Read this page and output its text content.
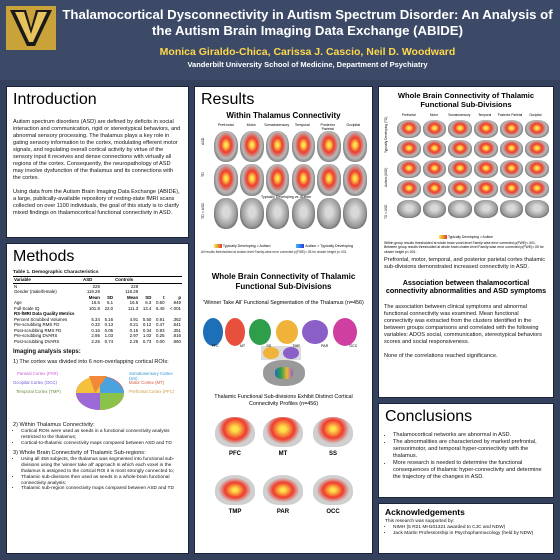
Thalamocortical Dysconnectivity in Autism Spectrum Disorder: An Analysis of the Autism Brain Imaging Data Exchange (ABIDE)
Monica Giraldo-Chica, Carissa J. Cascio, Neil D. Woodward
Vanderbilt University School of Medicine, Department of Psychiatry
Introduction

Autism spectrum disorders (ASD) are defined by deficits in social interaction and communication, rigid or stereotypical behaviors, and abnormal sensory processing. The thalamus plays a key role in gating sensory information to the cortex, modulating efferent motor signals, and regulating overall cortical activity by virtue of the sensory input it receives and dense connections with virtually all regions of the cortex. Consequently, the neuropathology of ASD may involve dysfunction of the thalamus and its connections with the cortex.

Using data from the Autism Brain Imaging Data Exchange (ABIDE), a large, publically-available repository of resting-state fMRI scans collected on over 1100 individuals, the goal of this study is to clarify mixed findings on thalamocortical functional connectivity in ASD.

Methods
Table 1. Demographic Characteristics
Variable	ASD		Controls			
N	228		228			
Gender (male/female)	119.29		118.29			
	Mean	SD	Mean	SD	t	p
Age	16.6	6.1	16.6	6.3	0.60	.949
Full-Scale IQ	101.8	22.0	111.3	13.4	5.45	<.001
RS-fMRI Data Quality Metrics						
Percent Scrubbed Volumes	5.34	5.16	4.91	5.50	0.91	.362
Pre-scrubbing RMS FD	0.32	0.13	0.21	0.12	0.47	.641
Post-scrubbing RMS FD	0.16	0.05	0.15	0.34	0.93	.351
Pre-scrubbing DVARS	2.95	1.03	2.97	1.02	0.25	.816
Post-scrubbing DVARS	2.25	0.74	2.25	0.73	0.00	.960
Imaging analysis steps:
1) The cortex was divided into 6 non-overlapping cortical ROIs:
Parietal Cortex (PAR)
Occipital Cortex (OCC)
Temporal Cortex (TMP)
Somatosensory Cortex (SS)
Motor Cortex (MT)
Prefrontal Cortex (PFC)
2) Within Thalamus Connectivity:
• Cortical ROIs were used as seeds in a functional connectivity analysis restricted to the thalamus;
• Cortical-to-thalamic connectivity maps compared between ASD and TD
3) Whole Brain Connectivity of Thalamic Sub-regions:
• Using all 456 subjects, the thalamus was segmented into functional sub-divisions using the 'winner take all' approach in which each voxel in the thalamus is assigned to the cortical ROI it is most strongly connected to;
• Thalamic sub-divisions then used as seeds in a whole-brain functional connectivity analysis;
• Thalamic sub-region connectivity maps compared between ASD and TD
Results
Within Thalamus Connectivity
Prefrontal	Motor	Somatosensory	Temporal	Posterior Parietal
Occipital
ASD
TD
TD > ASD
Typically Developing vs. Autism
Typically Developing > Autism	Autism > Typically Developing
All results thresholded at cluster-level Family-wise error corrected p(FWE)<.05 for cluster height p<.001
Whole Brain Connectivity of Thalamic Functional Sub-Divisions
'Winner Take All' Functional Segmentation of the Thalamus (n=456)
PFC	MT	SS	TMP	PAR	OCC
Thalamic Functional Sub-divisions Exhibit Distinct Cortical Connectivity Profiles (n=456)
PFC	MT	SS
TMP	PAR	OCC
Whole Brain Connectivity of Thalamic Functional Sub-Divisions
Prefrontal	Motor	Somatosensory	Temporal	Posterior Parietal	Occipital
Typically Developing (TD)
Autism (ASD)
TD > ASD
Typically Developing > Autism
Within group results thresholded at whole brain voxel-level Family-wise error corrected p(FWE)<.001. Between group results thresholded at whole brain cluster-level Family-wise error corrected p(FWE)<.05 for cluster height p<.001.
Prefrontal, motor, temporal, and posterior parietal cortex thalamic sub-divisions demonstrated increased connectivity in ASD.
Association between thalamocortical connectivity abnormalities and ASD symptoms

The association between clinical symptoms and abnormal functional connectivity was examined. Mean functional connectivity was extracted from the clusters identified in the between groups comparisons and correlated with the following variables: ADOS social, communication, stereotypical behaviors scores and social responsiveness.

None of the correlations reached significance.

Conclusions
• Thalamocortical networks are abnormal in ASD.
• The abnormalities are characterized by marked prefrontal, sensorimotor, and temporal hyper-connectivity with the thalamus.
• More research is needed to determine the functional consequences of thalamic hyper-connectivity and determine the trajectory of the changes in ASD.
Acknowledgements
This research was supported by:
• NIMH (5 R21 MH101321 awarded to CJC and NDW)
• Jack Martin Professorship in Psychopharmacology (held by NDW)
